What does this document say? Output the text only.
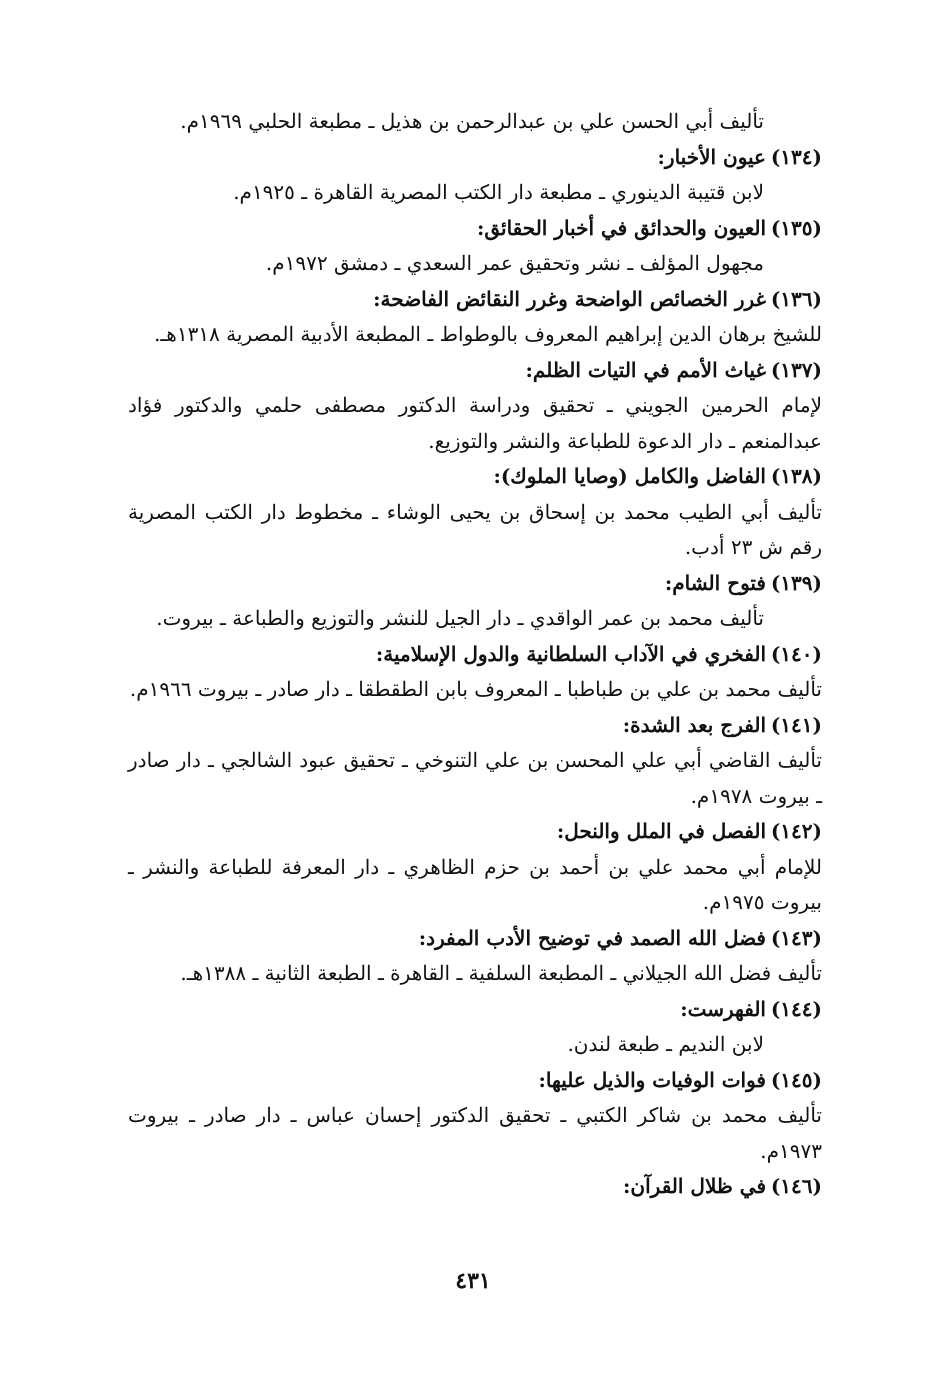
تأليف أبي الحسن علي بن عبدالرحمن بن هذيل ـ مطبعة الحلبي ١٩٦٩م.
(١٣٤)
عيون الأخبار:
لابن قتيبة الدينوري ـ مطبعة دار الكتب المصرية القاهرة ـ ١٩٢٥م.
(١٣٥)
العيون والحدائق في أخبار الحقائق:
مجهول المؤلف ـ نشر وتحقيق عمر السعدي ـ دمشق ١٩٧٢م.
(١٣٦)
غرر الخصائص الواضحة وغرر النقائض الفاضحة:
للشيخ برهان الدين إبراهيم المعروف بالوطواط ـ المطبعة الأدبية المصرية ١٣١٨هـ.
(١٣٧)
غياث الأمم في التيات الظلم:
لإمام الحرمين الجويني ـ تحقيق ودراسة الدكتور مصطفى حلمي والدكتور فؤاد عبدالمنعم ـ دار الدعوة للطباعة والنشر والتوزيع.
(١٣٨)
الفاضل والكامل (وصايا الملوك):
تأليف أبي الطيب محمد بن إسحاق بن يحيى الوشاء ـ مخطوط دار الكتب المصرية رقم ش ٢٣ أدب.
(١٣٩)
فتوح الشام:
تأليف محمد بن عمر الواقدي ـ دار الجيل للنشر والتوزيع والطباعة ـ بيروت.
(١٤٠)
الفخري في الآداب السلطانية والدول الإسلامية:
تأليف محمد بن علي بن طباطبا ـ المعروف بابن الطقطقا ـ دار صادر ـ بيروت ١٩٦٦م.
(١٤١)
الفرج بعد الشدة:
تأليف القاضي أبي علي المحسن بن علي التنوخي ـ تحقيق عبود الشالجي ـ دار صادر ـ بيروت ١٩٧٨م.
(١٤٢)
الفصل في الملل والنحل:
للإمام أبي محمد علي بن أحمد بن حزم الظاهري ـ دار المعرفة للطباعة والنشر ـ بيروت ١٩٧٥م.
(١٤٣)
فضل الله الصمد في توضيح الأدب المفرد:
تأليف فضل الله الجيلاني ـ المطبعة السلفية ـ القاهرة ـ الطبعة الثانية ـ ١٣٨٨هـ.
(١٤٤)
الفهرست:
لابن النديم ـ طبعة لندن.
(١٤٥)
فوات الوفيات والذيل عليها:
تأليف محمد بن شاكر الكتبي ـ تحقيق الدكتور إحسان عباس ـ دار صادر ـ بيروت ١٩٧٣م.
(١٤٦)
في ظلال القرآن:
٤٣١
